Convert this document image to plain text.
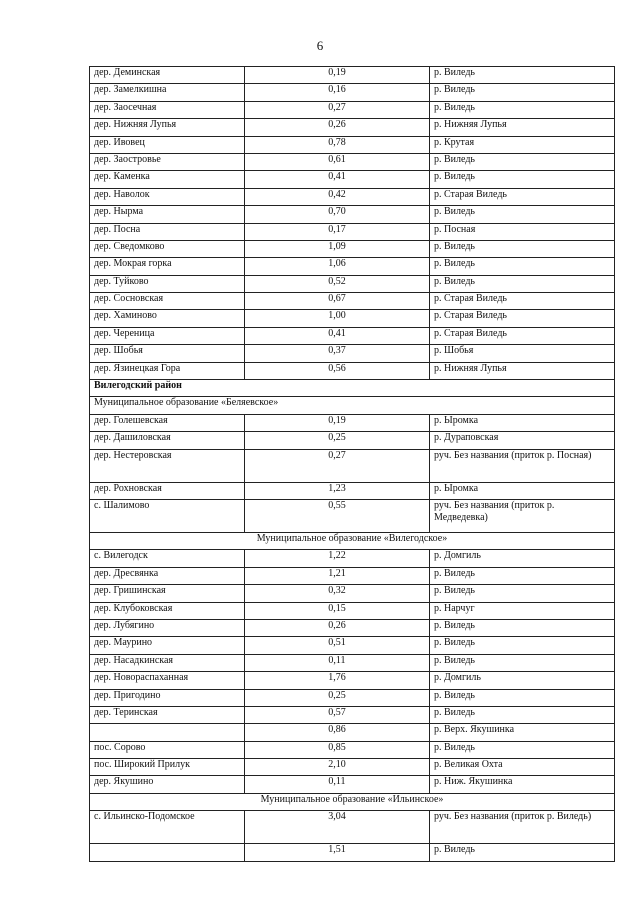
6
дер. Деминская	0,19	р. Виледь
дер. Замелкишна	0,16	р. Виледь
дер. Заосечная	0,27	р. Виледь
дер. Нижняя Лупья	0,26	р. Нижняя Лупья
дер. Ивовец	0,78	р. Крутая
дер. Заостровье	0,61	р. Виледь
дер. Каменка	0,41	р. Виледь
дер. Наволок	0,42	р. Старая Виледь
дер. Нырма	0,70	р. Виледь
дер. Посна	0,17	р. Посная
дер. Сведомково	1,09	р. Виледь
дер. Мокрая горка	1,06	р. Виледь
дер. Туйково	0,52	р. Виледь
дер. Сосновская	0,67	р. Старая Виледь
дер. Хаминово	1,00	р. Старая Виледь
дер. Череница	0,41	р. Старая Виледь
дер. Шобья	0,37	р. Шобья
дер. Язинецкая Гора	0,56	р. Нижняя Лупья
Вилегодский район		
Муниципальное образование «Беляевское»		
дер. Голешевская	0,19	р. Ыромка
дер. Дашиловская	0,25	р. Дураповская
дер. Нестеровская	0,27	руч. Без названия (приток р. Посная)
дер. Рохновская	1,23	р. Ыромка
с. Шалимово	0,55	руч. Без названия (приток р. Медведевка)
Муниципальное образование «Вилегодское»		
с. Вилегодск	1,22	р. Домгиль
дер. Дресвянка	1,21	р. Виледь
дер. Гришинская	0,32	р. Виледь
дер. Клубоковская	0,15	р. Нарчуг
дер. Лубягино	0,26	р. Виледь
дер. Маурино	0,51	р. Виледь
дер. Насадкинская	0,11	р. Виледь
дер. Новораспаханная	1,76	р. Домгиль
дер. Пригодино	0,25	р. Виледь
дер. Теринская	0,57	р. Виледь
	0,86	р. Верх. Якушинка
пос. Сорово	0,85	р. Виледь
пос. Широкий Прилук	2,10	р. Великая Охта
дер. Якушино	0,11	р. Ниж. Якушинка
Муниципальное образование «Ильинское»		
с. Ильинско-Подомское	3,04	руч. Без названия (приток р. Виледь)
	1,51	р. Виледь
